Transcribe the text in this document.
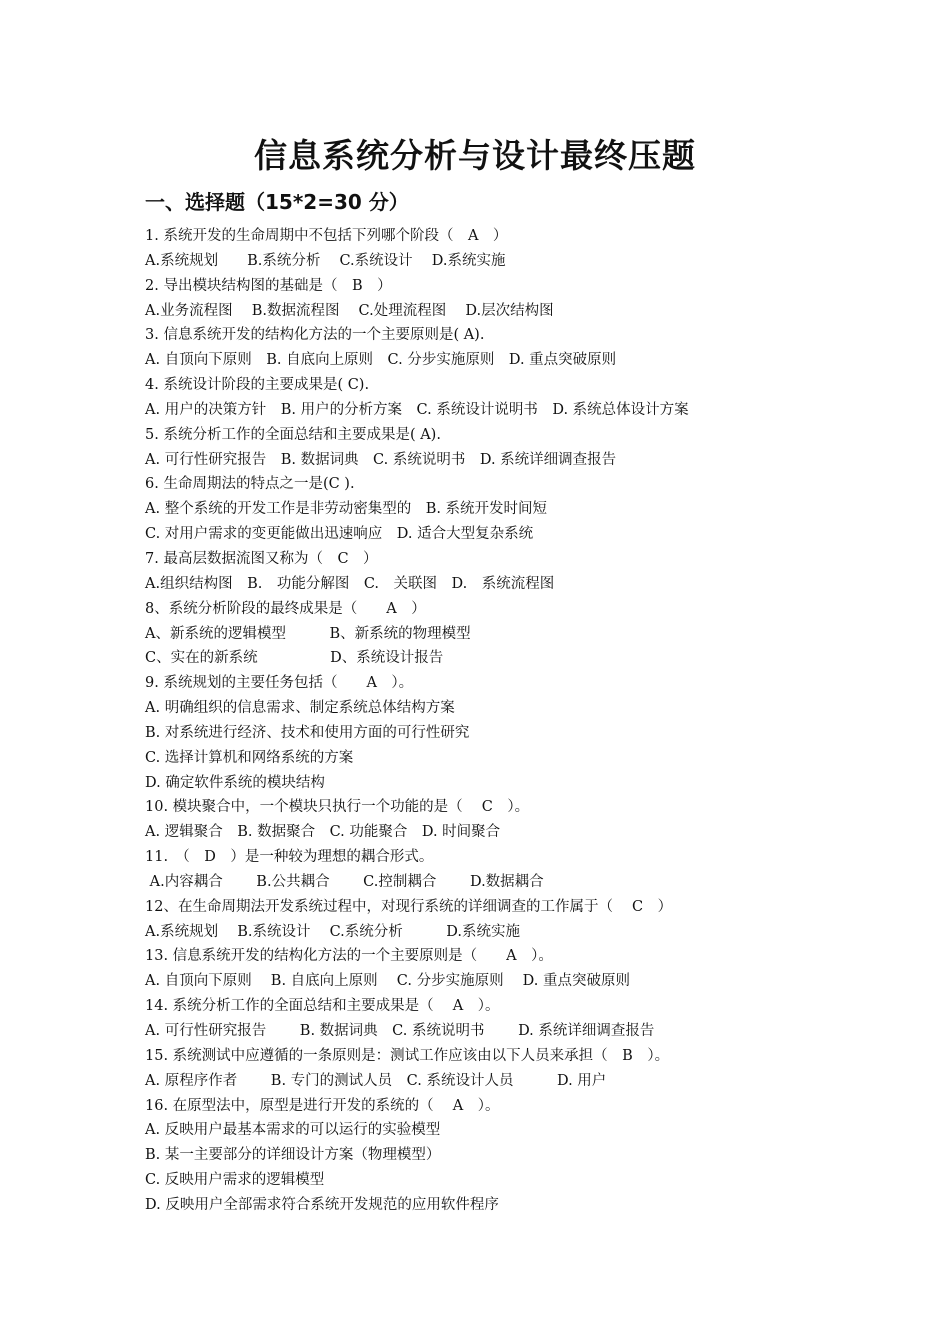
信息系统分析与设计最终压题
一、选择题（15*2=30 分）
1. 系统开发的生命周期中不包括下列哪个阶段（　A　）
A.系统规划　　B.系统分析　 C.系统设计　 D.系统实施
2. 导出模块结构图的基础是（　B　）
A.业务流程图　 B.数据流程图　 C.处理流程图　 D.层次结构图
3. 信息系统开发的结构化方法的一个主要原则是( A).
A. 自顶向下原则　B. 自底向上原则　C. 分步实施原则　D. 重点突破原则
4. 系统设计阶段的主要成果是( C).
A. 用户的决策方针　B. 用户的分析方案　C. 系统设计说明书　D. 系统总体设计方案
5. 系统分析工作的全面总结和主要成果是( A).
A. 可行性研究报告　B. 数据词典　C. 系统说明书　D. 系统详细调查报告
6. 生命周期法的特点之一是(C ).
A. 整个系统的开发工作是非劳动密集型的　B. 系统开发时间短
C. 对用户需求的变更能做出迅速响应　D. 适合大型复杂系统
7. 最高层数据流图又称为（　C　）
A.组织结构图　B.　功能分解图　C.　关联图　D.　系统流程图
8、系统分析阶段的最终成果是（　　A　）
A、新系统的逻辑模型　　　B、新系统的物理模型
C、实在的新系统　　　　　D、系统设计报告
9. 系统规划的主要任务包括（　　A　）。
A. 明确组织的信息需求、制定系统总体结构方案
B. 对系统进行经济、技术和使用方面的可行性研究
C. 选择计算机和网络系统的方案
D. 确定软件系统的模块结构
10. 模块聚合中，一个模块只执行一个功能的是（　 C　）。
A. 逻辑聚合　B. 数据聚合　C. 功能聚合　D. 时间聚合
11.　（　D　）是一种较为理想的耦合形式。
A.内容耦合　　 B.公共耦合　　 C.控制耦合　　 D.数据耦合
12、在生命周期法开发系统过程中，对现行系统的详细调查的工作属于（　 C　）
A.系统规划　 B.系统设计　 C.系统分析　　　D.系统实施
13. 信息系统开发的结构化方法的一个主要原则是（　　A　）。
A. 自顶向下原则　 B. 自底向上原则　 C. 分步实施原则　 D. 重点突破原则
14. 系统分析工作的全面总结和主要成果是（　 A　）。
A. 可行性研究报告　　 B. 数据词典　C. 系统说明书　　 D. 系统详细调查报告
15. 系统测试中应遵循的一条原则是：测试工作应该由以下人员来承担（　B　）。
A. 原程序作者　　 B. 专门的测试人员　C. 系统设计人员　　　D. 用户
16. 在原型法中，原型是进行开发的系统的（　 A　）。
A. 反映用户最基本需求的可以运行的实验模型
B. 某一主要部分的详细设计方案（物理模型）
C. 反映用户需求的逻辑模型
D. 反映用户全部需求符合系统开发规范的应用软件程序
